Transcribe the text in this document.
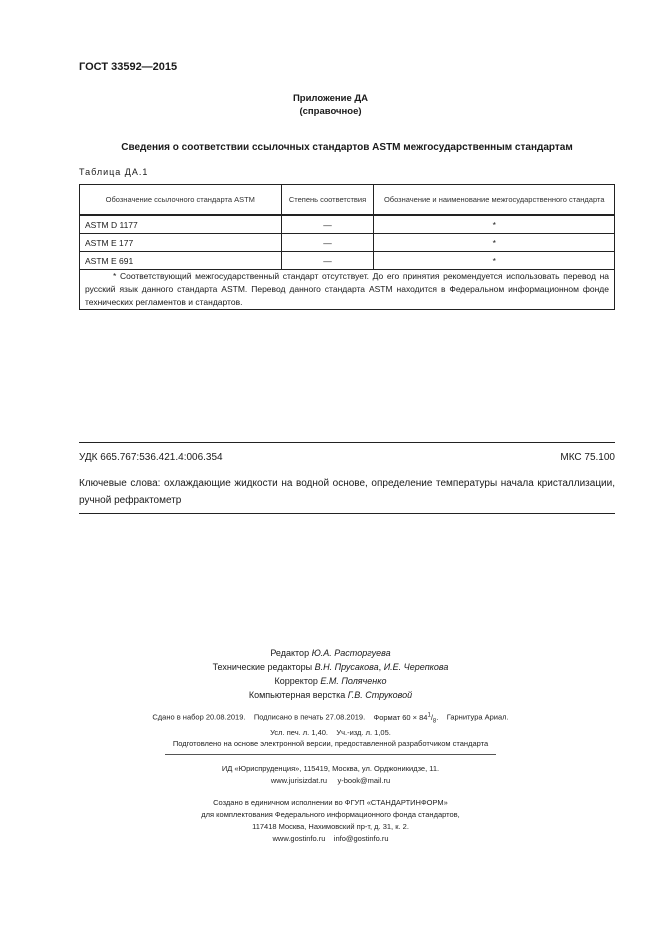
ГОСТ 33592—2015
Приложение ДА
(справочное)
Сведения о соответствии ссылочных стандартов ASTM межгосударственным стандартам
Таблица ДА.1
Обозначение ссылочного стандарта ASTM	Степень соответствия	Обозначение и наименование межгосударственного стандарта
ASTM D 1177	—	*
ASTM E 177	—	*
ASTM E 691	—	*

* Соответствующий межгосударственный стандарт отсутствует. До его принятия рекомендуется использовать перевод на русский язык данного стандарта ASTM. Перевод данного стандарта ASTM находится в Федеральном информационном фонде технических регламентов и стандартов.		
УДК 665.767:536.421.4:006.354	МКС 75.100
Ключевые слова: охлаждающие жидкости на водной основе, определение температуры начала кристаллизации, ручной рефрактометр
Редактор Ю.А. Расторгуева
Технические редакторы В.Н. Прусакова, И.Е. Черепкова
Корректор Е.М. Поляченко
Компьютерная верстка Г.В. Струковой
Сдано в набор 20.08.2019. Подписано в печать 27.08.2019. Формат $60 \times 84^1/_8$. Гарнитура Ариал.
Усл. печ. л. 1,40. Уч.-изд. л. 1,05.
Подготовлено на основе электронной версии, предоставленной разработчиком стандарта
ИД «Юриспруденция», 115419, Москва, ул. Орджоникидзе, 11.
www.jurisizdat.ru y-book@mail.ru
Создано в единичном исполнении во ФГУП «СТАНДАРТИНФОРМ»
для комплектования Федерального информационного фонда стандартов,
117418 Москва, Нахимовский пр-т, д. 31, к. 2.
www.gostinfo.ru info@gostinfo.ru
